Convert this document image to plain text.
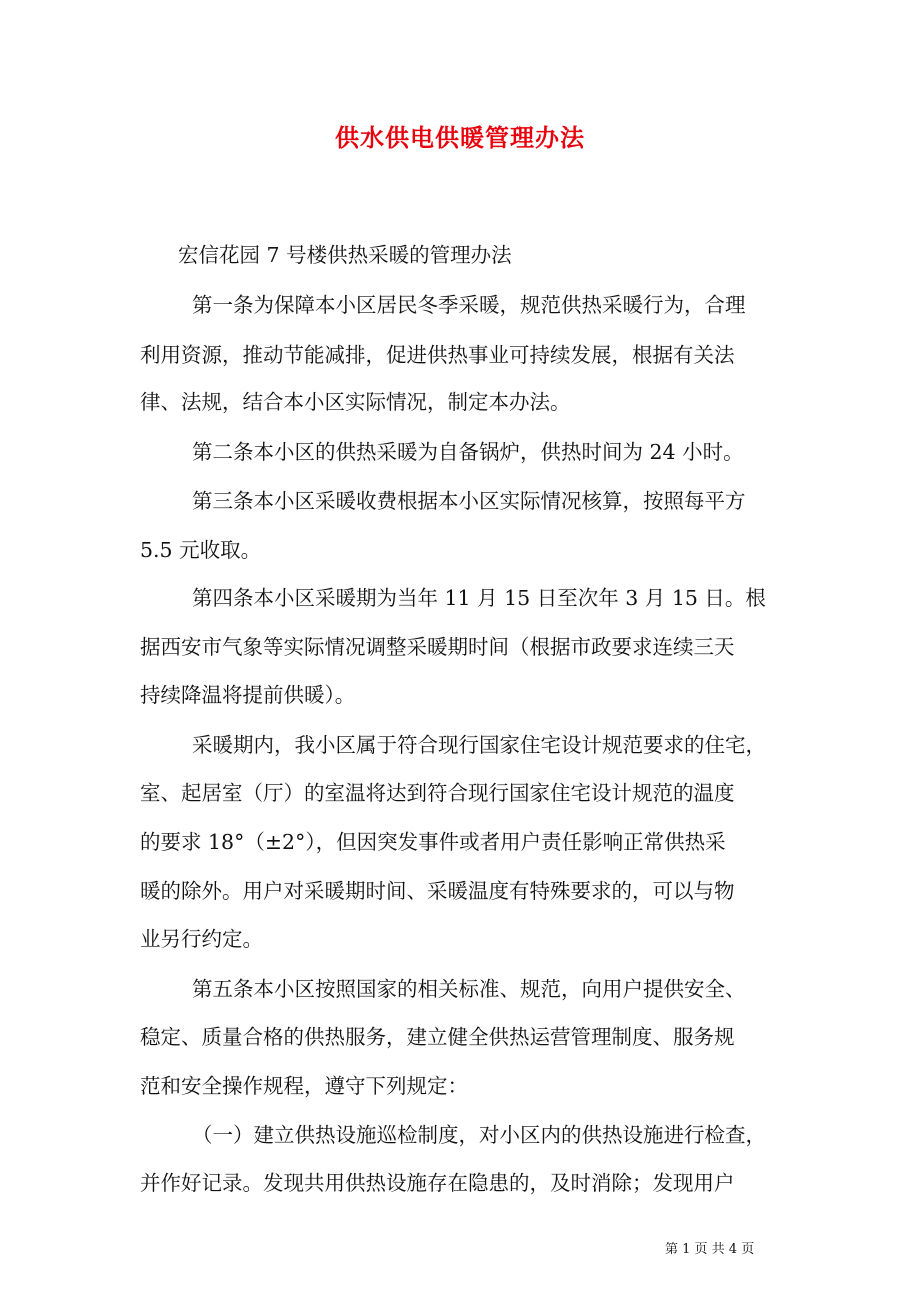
供水供电供暖管理办法
宏信花园 7 号楼供热采暖的管理办法
第一条为保障本小区居民冬季采暖，规范供热采暖行为，合理
利用资源，推动节能减排，促进供热事业可持续发展，根据有关法
律、法规，结合本小区实际情况，制定本办法。
第二条本小区的供热采暖为自备锅炉，供热时间为 24 小时。
第三条本小区采暖收费根据本小区实际情况核算，按照每平方
5.5 元收取。
第四条本小区采暖期为当年 11 月 15 日至次年 3 月 15 日。根
据西安市气象等实际情况调整采暖期时间（根据市政要求连续三天
持续降温将提前供暖）。
采暖期内，我小区属于符合现行国家住宅设计规范要求的住宅，
室、起居室（厅）的室温将达到符合现行国家住宅设计规范的温度
的要求 18°（±2°），但因突发事件或者用户责任影响正常供热采
暖的除外。用户对采暖期时间、采暖温度有特殊要求的，可以与物
业另行约定。
第五条本小区按照国家的相关标准、规范，向用户提供安全、
稳定、质量合格的供热服务，建立健全供热运营管理制度、服务规
范和安全操作规程，遵守下列规定：
（一）建立供热设施巡检制度，对小区内的供热设施进行检查，
并作好记录。发现共用供热设施存在隐患的，及时消除；发现用户
第 1 页 共 4 页
